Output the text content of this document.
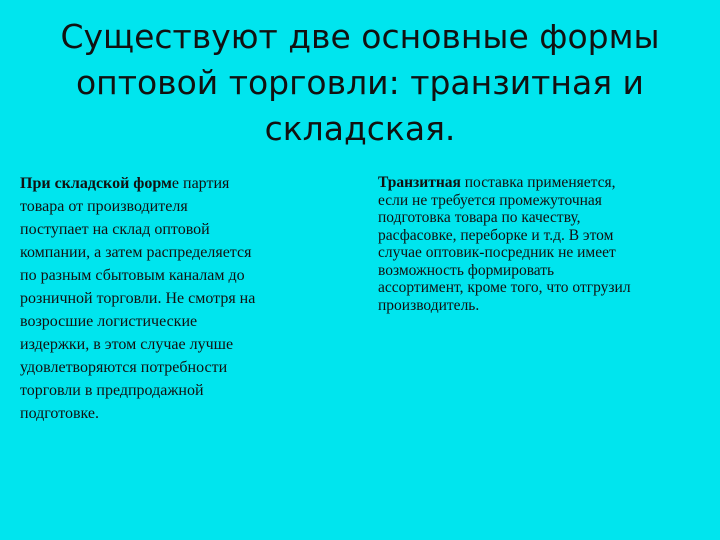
Существуют две основные формы
оптовой торговли: транзитная и
складская.
При складской форме партия
товара от производителя
поступает на склад оптовой
компании, а затем распределяется
по разным сбытовым каналам до
розничной торговли. Не смотря на
возросшие логистические
издержки, в этом случае лучше
удовлетворяются потребности
торговли в предпродажной
подготовке.
Транзитная поставка применяется,
если не требуется промежуточная
подготовка товара по качеству,
расфасовке, переборке и т.д. В этом
случае оптовик-посредник не имеет
возможность формировать
ассортимент, кроме того, что отгрузил
производитель.
